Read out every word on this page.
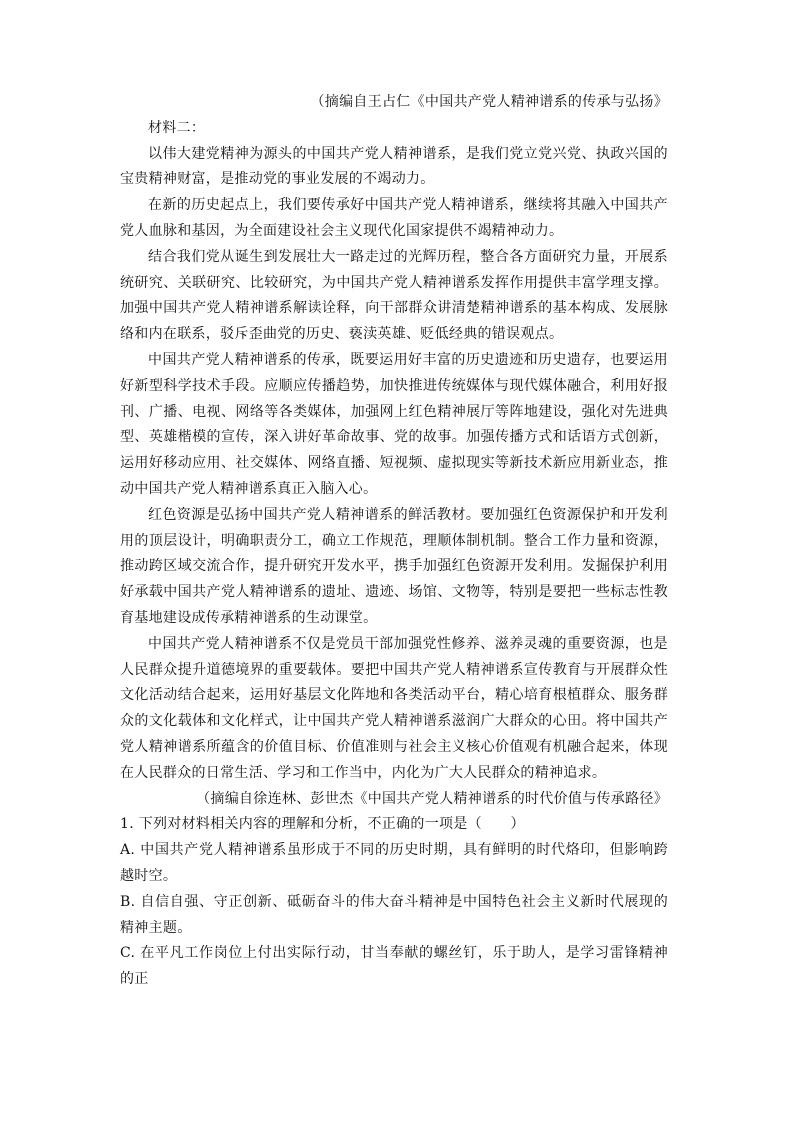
（摘编自王占仁《中国共产党人精神谱系的传承与弘扬》

材料二：

以伟大建党精神为源头的中国共产党人精神谱系，是我们党立党兴党、执政兴国的宝贵精神财富，是推动党的事业发展的不竭动力。

在新的历史起点上，我们要传承好中国共产党人精神谱系，继续将其融入中国共产党人血脉和基因，为全面建设社会主义现代化国家提供不竭精神动力。

结合我们党从诞生到发展壮大一路走过的光辉历程，整合各方面研究力量，开展系统研究、关联研究、比较研究，为中国共产党人精神谱系发挥作用提供丰富学理支撑。加强中国共产党人精神谱系解读诠释，向干部群众讲清楚精神谱系的基本构成、发展脉络和内在联系，驳斥歪曲党的历史、亵渎英雄、贬低经典的错误观点。

中国共产党人精神谱系的传承，既要运用好丰富的历史遗迹和历史遗存，也要运用好新型科学技术手段。应顺应传播趋势，加快推进传统媒体与现代媒体融合，利用好报刊、广播、电视、网络等各类媒体，加强网上红色精神展厅等阵地建设，强化对先进典型、英雄楷模的宣传，深入讲好革命故事、党的故事。加强传播方式和话语方式创新，运用好移动应用、社交媒体、网络直播、短视频、虚拟现实等新技术新应用新业态，推动中国共产党人精神谱系真正入脑入心。

红色资源是弘扬中国共产党人精神谱系的鲜活教材。要加强红色资源保护和开发利用的顶层设计，明确职责分工，确立工作规范，理顺体制机制。整合工作力量和资源，推动跨区域交流合作，提升研究开发水平，携手加强红色资源开发利用。发掘保护利用好承载中国共产党人精神谱系的遗址、遗迹、场馆、文物等，特别是要把一些标志性教育基地建设成传承精神谱系的生动课堂。

中国共产党人精神谱系不仅是党员干部加强党性修养、滋养灵魂的重要资源，也是人民群众提升道德境界的重要载体。要把中国共产党人精神谱系宣传教育与开展群众性文化活动结合起来，运用好基层文化阵地和各类活动平台，精心培育根植群众、服务群众的文化载体和文化样式，让中国共产党人精神谱系滋润广大群众的心田。将中国共产党人精神谱系所蕴含的价值目标、价值准则与社会主义核心价值观有机融合起来，体现在人民群众的日常生活、学习和工作当中，内化为广大人民群众的精神追求。

（摘编自徐连林、彭世杰《中国共产党人精神谱系的时代价值与传承路径》

1. 下列对材料相关内容的理解和分析，不正确的一项是（　　）

A. 中国共产党人精神谱系虽形成于不同的历史时期，具有鲜明的时代烙印，但影响跨越时空。

B. 自信自强、守正创新、砥砺奋斗的伟大奋斗精神是中国特色社会主义新时代展现的精神主题。

C. 在平凡工作岗位上付出实际行动，甘当奉献的螺丝钉，乐于助人，是学习雷锋精神的正
